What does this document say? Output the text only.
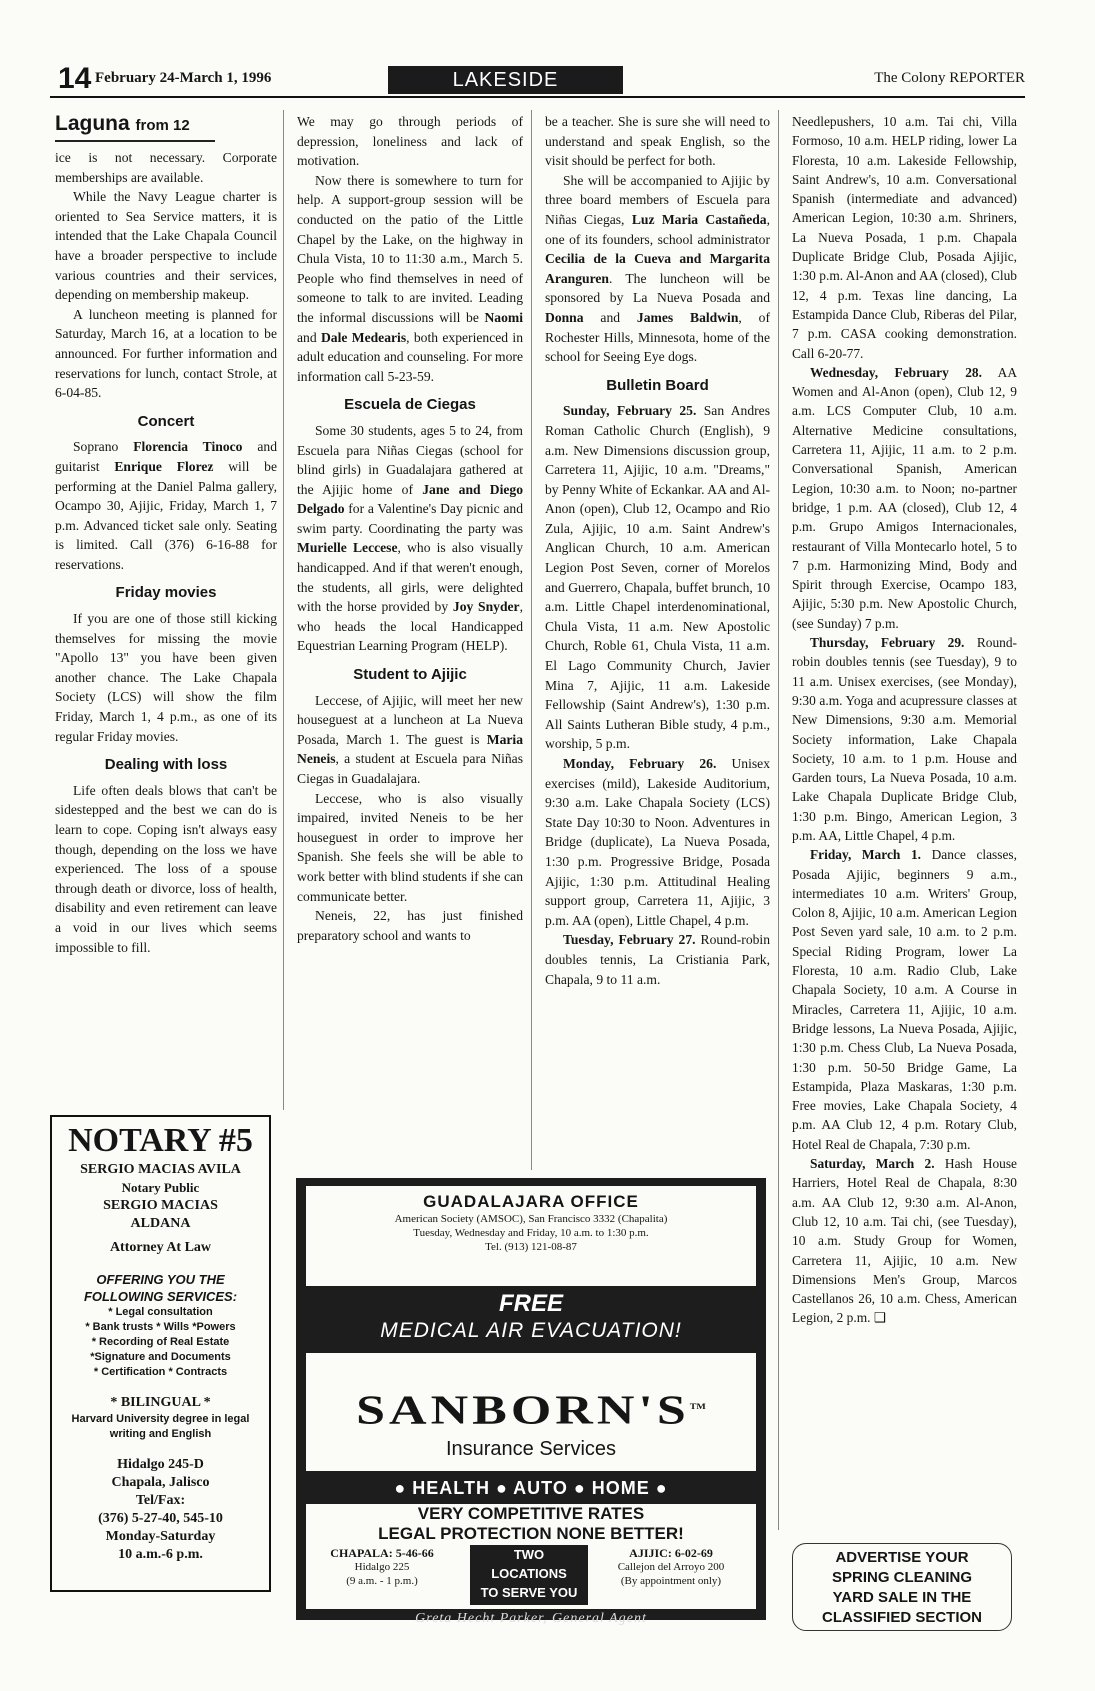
14 February 24-March 1, 1996	LAKESIDE	The Colony REPORTER
Laguna from 12

ice is not necessary. Corporate memberships are available.

While the Navy League charter is oriented to Sea Service matters, it is intended that the Lake Chapala Council have a broader perspective to include various countries and their services, depending on membership makeup.

A luncheon meeting is planned for Saturday, March 16, at a location to be announced. For further information and reservations for lunch, contact Strole, at 6-04-85.

Concert

Soprano Florencia Tinoco and guitarist Enrique Florez will be performing at the Daniel Palma gallery, Ocampo 30, Ajijic, Friday, March 1, 7 p.m. Advanced ticket sale only. Seating is limited. Call (376) 6-16-88 for reservations.

Friday movies

If you are one of those still kicking themselves for missing the movie "Apollo 13" you have been given another chance. The Lake Chapala Society (LCS) will show the film Friday, March 1, 4 p.m., as one of its regular Friday movies.

Dealing with loss

Life often deals blows that can't be sidestepped and the best we can do is learn to cope. Coping isn't always easy though, depending on the loss we have experienced. The loss of a spouse through death or divorce, loss of health, disability and even retirement can leave a void in our lives which seems impossible to fill.

NOTARY #5
SERGIO MACIAS AVILA
Notary Public
SERGIO MACIAS ALDANA
Attorney At Law
OFFERING YOU THE FOLLOWING SERVICES:
* Legal consultation
* Bank trusts * Wills *Powers
* Recording of Real Estate
*Signature and Documents
* Certification * Contracts
* BILINGUAL *
Harvard University degree in legal writing and English
Hidalgo 245-D
Chapala, Jalisco
Tel/Fax:
(376) 5-27-40, 545-10
Monday-Saturday
10 a.m.-6 p.m.

We may go through periods of depression, loneliness and lack of motivation.

Now there is somewhere to turn for help. A support-group session will be conducted on the patio of the Little Chapel by the Lake, on the highway in Chula Vista, 10 to 11:30 a.m., March 5. People who find themselves in need of someone to talk to are invited. Leading the informal discussions will be Naomi and Dale Medearis, both experienced in adult education and counseling. For more information call 5-23-59.

Escuela de Ciegas

Some 30 students, ages 5 to 24, from Escuela para Niñas Ciegas (school for blind girls) in Guadalajara gathered at the Ajijic home of Jane and Diego Delgado for a Valentine's Day picnic and swim party. Coordinating the party was Murielle Leccese, who is also visually handicapped. And if that weren't enough, the students, all girls, were delighted with the horse provided by Joy Snyder, who heads the local Handicapped Equestrian Learning Program (HELP).

Student to Ajijic

Leccese, of Ajijic, will meet her new houseguest at a luncheon at La Nueva Posada, March 1. The guest is Maria Neneis, a student at Escuela para Niñas Ciegas in Guadalajara.

Leccese, who is also visually impaired, invited Neneis to be her houseguest in order to improve her Spanish. She feels she will be able to work better with blind students if she can communicate better.

Neneis, 22, has just finished preparatory school and wants to

be a teacher. She is sure she will need to understand and speak English, so the visit should be perfect for both.

She will be accompanied to Ajijic by three board members of Escuela para Niñas Ciegas, Luz Maria Castañeda, one of its founders, school administrator Cecilia de la Cueva and Margarita Aranguren. The luncheon will be sponsored by La Nueva Posada and Donna and James Baldwin, of Rochester Hills, Minnesota, home of the school for Seeing Eye dogs.

Bulletin Board

Sunday, February 25. San Andres Roman Catholic Church (English), 9 a.m. New Dimensions discussion group, Carretera 11, Ajijic, 10 a.m. "Dreams," by Penny White of Eckankar. AA and Al-Anon (open), Club 12, Ocampo and Rio Zula, Ajijic, 10 a.m. Saint Andrew's Anglican Church, 10 a.m. American Legion Post Seven, corner of Morelos and Guerrero, Chapala, buffet brunch, 10 a.m. Little Chapel interdenominational, Chula Vista, 11 a.m. New Apostolic Church, Roble 61, Chula Vista, 11 a.m. El Lago Community Church, Javier Mina 7, Ajijic, 11 a.m. Lakeside Fellowship (Saint Andrew's), 1:30 p.m. All Saints Lutheran Bible study, 4 p.m., worship, 5 p.m.

Monday, February 26. Unisex exercises (mild), Lakeside Auditorium, 9:30 a.m. Lake Chapala Society (LCS) State Day 10:30 to Noon. Adventures in Bridge (duplicate), La Nueva Posada, 1:30 p.m. Progressive Bridge, Posada Ajijic, 1:30 p.m. Attitudinal Healing support group, Carretera 11, Ajijic, 3 p.m. AA (open), Little Chapel, 4 p.m.

Tuesday, February 27. Round-robin doubles tennis, La Cristiania Park, Chapala, 9 to 11 a.m.

Needlepushers, 10 a.m. Tai chi, Villa Formoso, 10 a.m. HELP riding, lower La Floresta, 10 a.m. Lakeside Fellowship, Saint Andrew's, 10 a.m. Conversational Spanish (intermediate and advanced) American Legion, 10:30 a.m. Shriners, La Nueva Posada, 1 p.m. Chapala Duplicate Bridge Club, Posada Ajijic, 1:30 p.m. Al-Anon and AA (closed), Club 12, 4 p.m. Texas line dancing, La Estampida Dance Club, Riberas del Pilar, 7 p.m. CASA cooking demonstration. Call 6-20-77.

Wednesday, February 28. AA Women and Al-Anon (open), Club 12, 9 a.m. LCS Computer Club, 10 a.m. Alternative Medicine consultations, Carretera 11, Ajijic, 11 a.m. to 2 p.m. Conversational Spanish, American Legion, 10:30 a.m. to Noon; no-partner bridge, 1 p.m. AA (closed), Club 12, 4 p.m. Grupo Amigos Internacionales, restaurant of Villa Montecarlo hotel, 5 to 7 p.m. Harmonizing Mind, Body and Spirit through Exercise, Ocampo 183, Ajijic, 5:30 p.m. New Apostolic Church, (see Sunday) 7 p.m.

Thursday, February 29. Round-robin doubles tennis (see Tuesday), 9 to 11 a.m. Unisex exercises, (see Monday), 9:30 a.m. Yoga and acupressure classes at New Dimensions, 9:30 a.m. Memorial Society information, Lake Chapala Society, 10 a.m. to 1 p.m. House and Garden tours, La Nueva Posada, 10 a.m. Lake Chapala Duplicate Bridge Club, 1:30 p.m. Bingo, American Legion, 3 p.m. AA, Little Chapel, 4 p.m.

Friday, March 1. Dance classes, Posada Ajijic, beginners 9 a.m., intermediates 10 a.m. Writers' Group, Colon 8, Ajijic, 10 a.m. American Legion Post Seven yard sale, 10 a.m. to 2 p.m. Special Riding Program, lower La Floresta, 10 a.m. Radio Club, Lake Chapala Society, 10 a.m. A Course in Miracles, Carretera 11, Ajijic, 10 a.m. Bridge lessons, La Nueva Posada, Ajijic, 1:30 p.m. Chess Club, La Nueva Posada, 1:30 p.m. 50-50 Bridge Game, La Estampida, Plaza Maskaras, 1:30 p.m. Free movies, Lake Chapala Society, 4 p.m. AA Club 12, 4 p.m. Rotary Club, Hotel Real de Chapala, 7:30 p.m.

Saturday, March 2. Hash House Harriers, Hotel Real de Chapala, 8:30 a.m. AA Club 12, 9:30 a.m. Al-Anon, Club 12, 10 a.m. Tai chi, (see Tuesday), 10 a.m. Study Group for Women, Carretera 11, Ajijic, 10 a.m. New Dimensions Men's Group, Marcos Castellanos 26, 10 a.m. Chess, American Legion, 2 p.m. ❑

GUADALAJARA OFFICE
American Society (AMSOC), San Francisco 3332 (Chapalita)
Tuesday, Wednesday and Friday, 10 a.m. to 1:30 p.m.
Tel. (913) 121-08-87
FREE
MEDICAL AIR EVACUATION!
SANBORN'S™
Insurance Services
● HEALTH ● AUTO ● HOME ●
VERY COMPETITIVE RATES
LEGAL PROTECTION NONE BETTER!
CHAPALA: 5-46-66
Hidalgo 225
(9 a.m. - 1 p.m.)
TWO
LOCATIONS
TO SERVE YOU
AJIJIC: 6-02-69
Callejon del Arroyo 200
(By appointment only)
Greta Hecht Parker, General Agent
ADVERTISE YOUR
SPRING CLEANING
YARD SALE IN THE
CLASSIFIED SECTION
